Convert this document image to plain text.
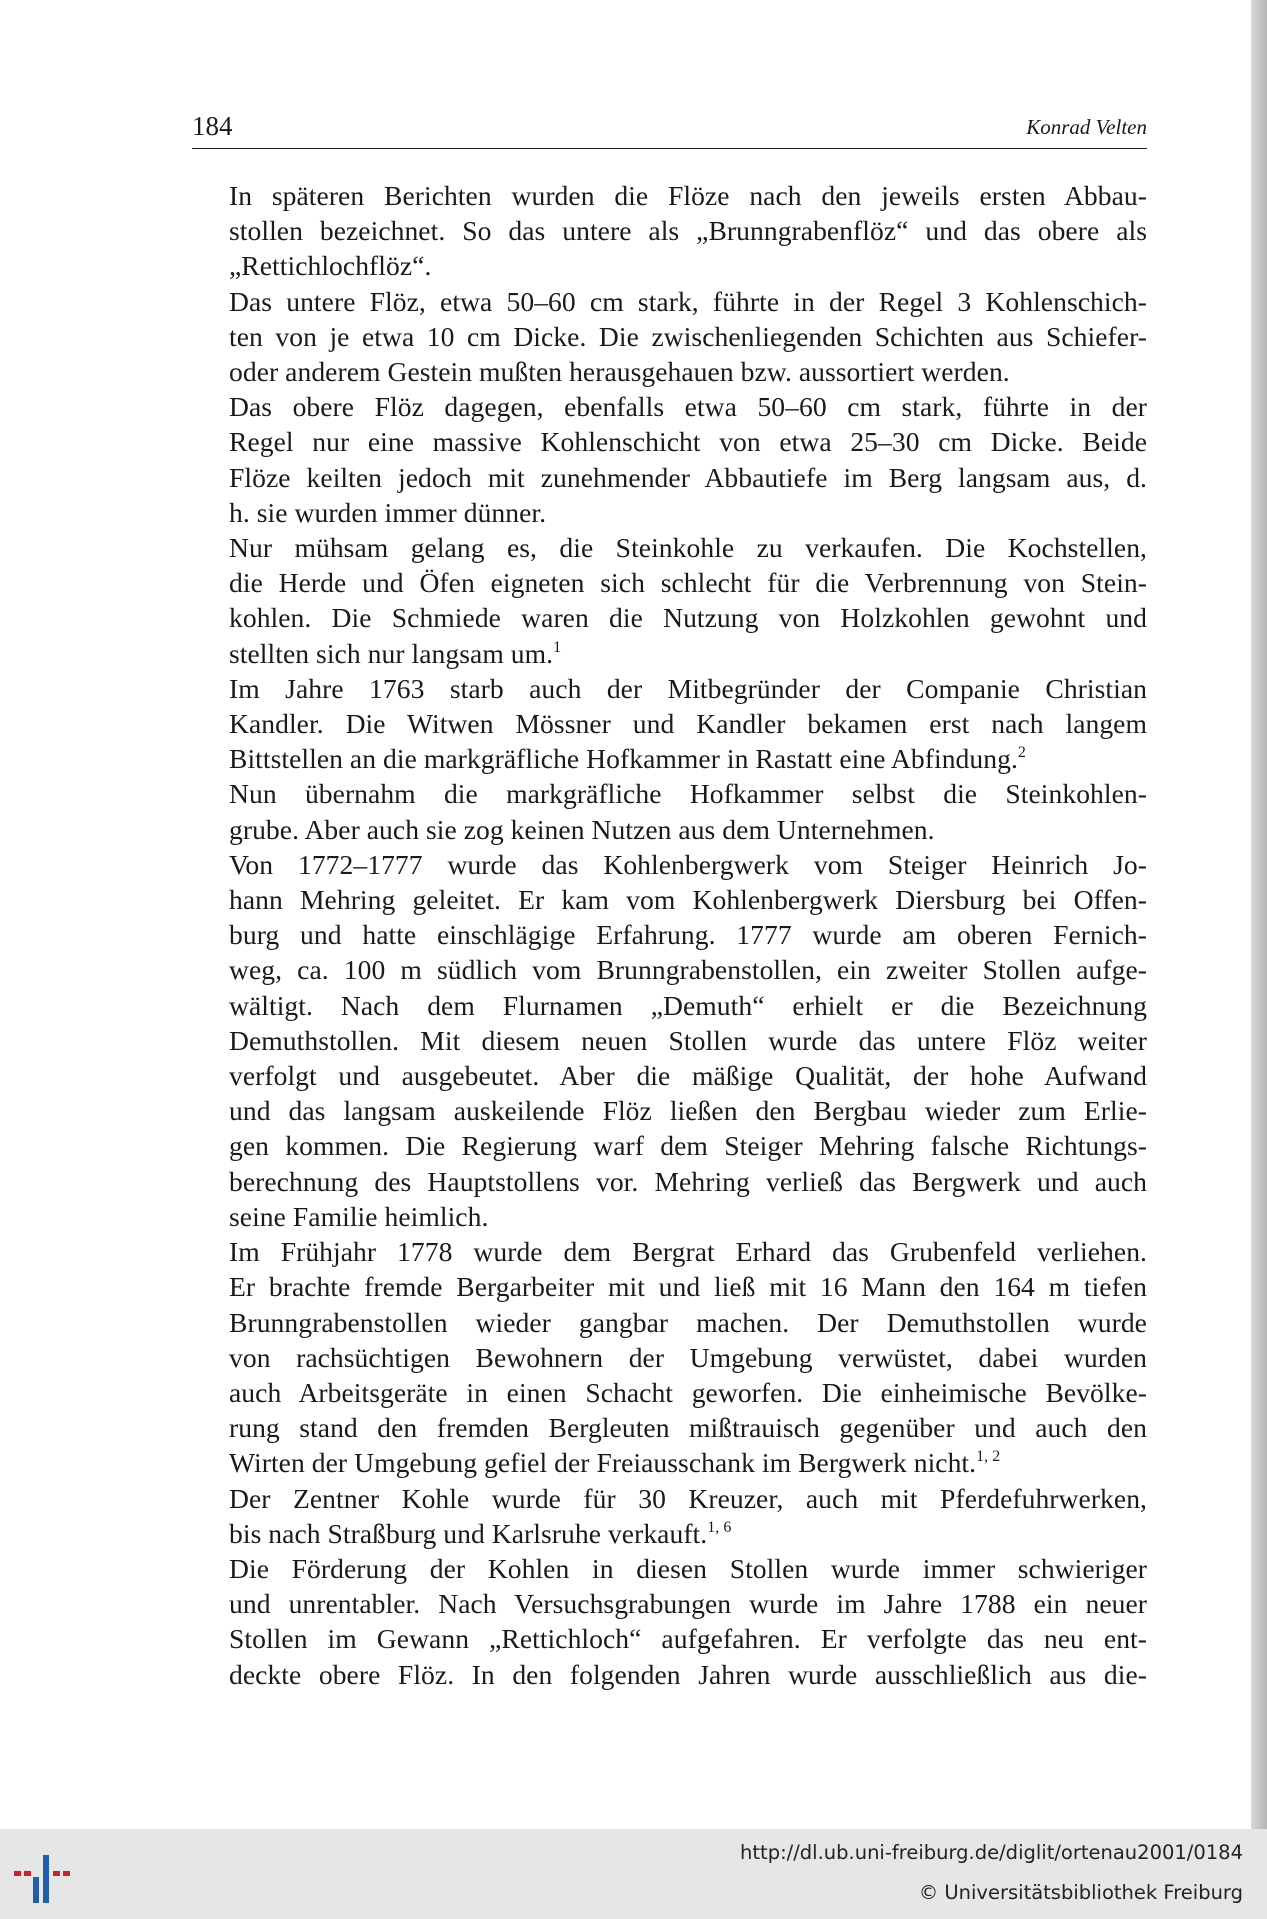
184	Konrad Velten

In späteren Berichten wurden die Flöze nach den jeweils ersten Abbau-
stollen bezeichnet. So das untere als „Brunngrabenflöz“ und das obere als
„Rettichlochflöz“.

Das untere Flöz, etwa 50–60 cm stark, führte in der Regel 3 Kohlenschich-
ten von je etwa 10 cm Dicke. Die zwischenliegenden Schichten aus Schiefer-
oder anderem Gestein mußten herausgehauen bzw. aussortiert werden.

Das obere Flöz dagegen, ebenfalls etwa 50–60 cm stark, führte in der
Regel nur eine massive Kohlenschicht von etwa 25–30 cm Dicke. Beide
Flöze keilten jedoch mit zunehmender Abbautiefe im Berg langsam aus, d.
h. sie wurden immer dünner.

Nur mühsam gelang es, die Steinkohle zu verkaufen. Die Kochstellen,
die Herde und Öfen eigneten sich schlecht für die Verbrennung von Stein-
kohlen. Die Schmiede waren die Nutzung von Holzkohlen gewohnt und
stellten sich nur langsam um.$^1$

Im Jahre 1763 starb auch der Mitbegründer der Companie Christian
Kandler. Die Witwen Mössner und Kandler bekamen erst nach langem
Bittstellen an die markgräfliche Hofkammer in Rastatt eine Abfindung.$^2$

Nun übernahm die markgräfliche Hofkammer selbst die Steinkohlen-
grube. Aber auch sie zog keinen Nutzen aus dem Unternehmen.

Von 1772–1777 wurde das Kohlenbergwerk vom Steiger Heinrich Jo-
hann Mehring geleitet. Er kam vom Kohlenbergwerk Diersburg bei Offen-
burg und hatte einschlägige Erfahrung. 1777 wurde am oberen Fernich-
weg, ca. 100 m südlich vom Brunngrabenstollen, ein zweiter Stollen aufge-
wältigt. Nach dem Flurnamen „Demuth“ erhielt er die Bezeichnung
Demuthstollen. Mit diesem neuen Stollen wurde das untere Flöz weiter
verfolgt und ausgebeutet. Aber die mäßige Qualität, der hohe Aufwand
und das langsam auskeilende Flöz ließen den Bergbau wieder zum Erlie-
gen kommen. Die Regierung warf dem Steiger Mehring falsche Richtungs-
berechnung des Hauptstollens vor. Mehring verließ das Bergwerk und auch
seine Familie heimlich.

Im Frühjahr 1778 wurde dem Bergrat Erhard das Grubenfeld verliehen.
Er brachte fremde Bergarbeiter mit und ließ mit 16 Mann den 164 m tiefen
Brunngrabenstollen wieder gangbar machen. Der Demuthstollen wurde
von rachsüchtigen Bewohnern der Umgebung verwüstet, dabei wurden
auch Arbeitsgeräte in einen Schacht geworfen. Die einheimische Bevölke-
rung stand den fremden Bergleuten mißtrauisch gegenüber und auch den
Wirten der Umgebung gefiel der Freiausschank im Bergwerk nicht.$^{1, 2}$

Der Zentner Kohle wurde für 30 Kreuzer, auch mit Pferdefuhrwerken,
bis nach Straßburg und Karlsruhe verkauft.$^{1, 6}$

Die Förderung der Kohlen in diesen Stollen wurde immer schwieriger
und unrentabler. Nach Versuchsgrabungen wurde im Jahre 1788 ein neuer
Stollen im Gewann „Rettichloch“ aufgefahren. Er verfolgte das neu ent-
deckte obere Flöz. In den folgenden Jahren wurde ausschließlich aus die-

http://dl.ub.uni-freiburg.de/diglit/ortenau2001/0184
© Universitätsbibliothek Freiburg
